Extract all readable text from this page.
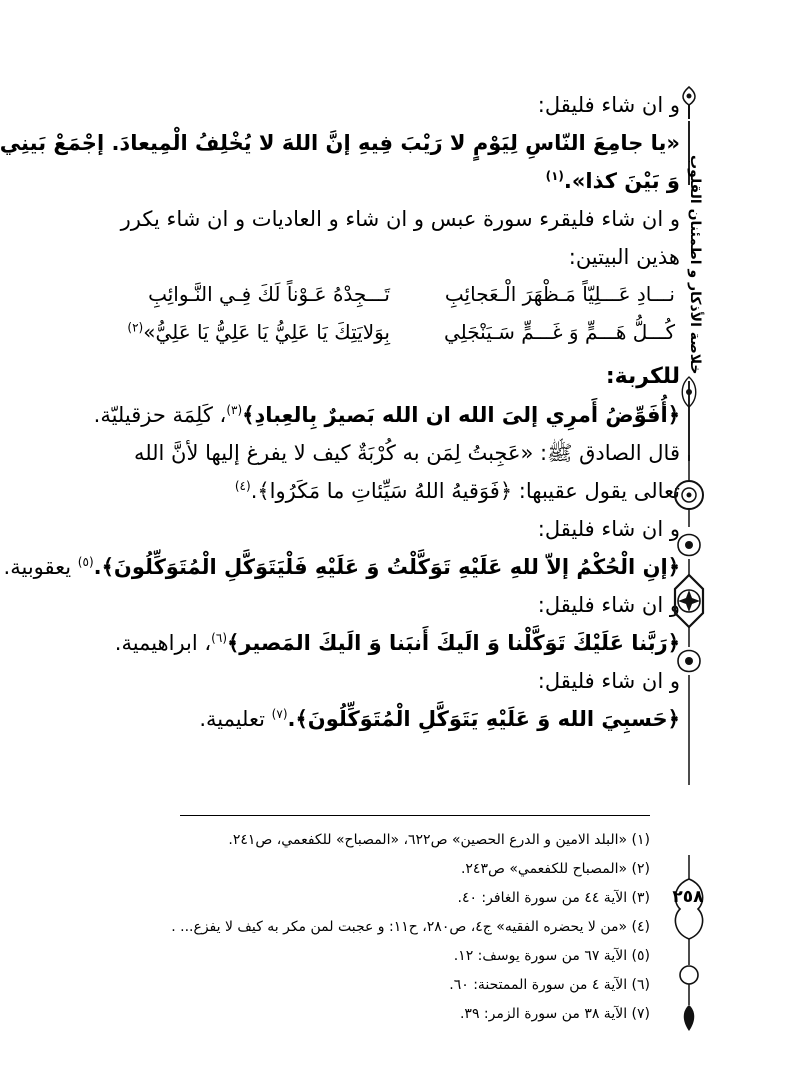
و ان شاء فليقل:

«يا جامِعَ النّاسِ لِيَوْمٍ لا رَيْبَ فِيهِ إنَّ اللهَ لا يُخْلِفُ الْمِيعادَ. إجْمَعْ بَينِي

وَ بَيْنَ كذا».$^{(١)}$

و ان شاء فليقرء سورة عبس و ان شاء و العاديات و ان شاء يكرر

هذين البيتين:

نـــادِ عَـــلِيّاً مَـظْهَرَ الْـعَجائِبِ
تَـــجِدْهُ عَـوْناً لَكَ فِـي النَّـوائِبِ
كُـــلُّ هَـــمٍّ وَ غَـــمٍّ سَـيَنْجَلِي
بِوَلايَتِكَ يَا عَلِيُّ يَا عَلِيُّ يَا عَلِيُّ»$^{(٢)}$

للكربة:

﴿أُفَوِّضُ أَمرِي إلىَ الله ان الله بَصيرٌ بِالعِبادِ﴾$^{(٣)}$، كَلِمَة حزقيليّة.

قال الصادق ﷺ: «عَجِبتُ لِمَن به كُرْبَةٌ كيف لا يفرغ إليها لأنَّ الله

تعالى يقول عقيبها: ﴿فَوَقيهُ اللهُ سَيِّئاتِ ما مَكَرُوا﴾.$^{(٤)}$

و ان شاء فليقل:

﴿إنِ الْحُكْمُ إلاّ للهِ عَلَيْهِ تَوَكَّلْتُ وَ عَلَيْهِ فَلْيَتَوَكَّلِ الْمُتَوَكِّلُونَ﴾.$^{(٥)}$ يعقوبية.

و ان شاء فليقل:

﴿رَبَّنا عَلَيْكَ تَوَكَّلْنا وَ الَيكَ أَنبَنا وَ الَيكَ المَصير﴾$^{(٦)}$، ابراهيمية.

و ان شاء فليقل:

﴿حَسبِيَ الله وَ عَلَيْهِ يَتَوَكَّلِ الْمُتَوَكِّلُونَ﴾.$^{(٧)}$ تعليمية.

خلاصة الأذكار و اطمئنان القلوب
٢٥٨

(١) «البلد الامين و الدرع الحصين» ص٦٢٢، «المصباح» للكفعمي، ص٢٤١.

(٢) «المصباح للكفعمي» ص٢٤٣.

(٣) الآية ٤٤ من سورة الغافر: ٤٠.

(٤) «من لا يحضره الفقيه» ج٤، ص٢٨٠، ح١١: و عجبت لمن مكر به كيف لا يفزع... .

(٥) الآية ٦٧ من سورة يوسف: ١٢.

(٦) الآية ٤ من سورة الممتحنة: ٦٠.

(٧) الآية ٣٨ من سورة الزمر: ٣٩.
